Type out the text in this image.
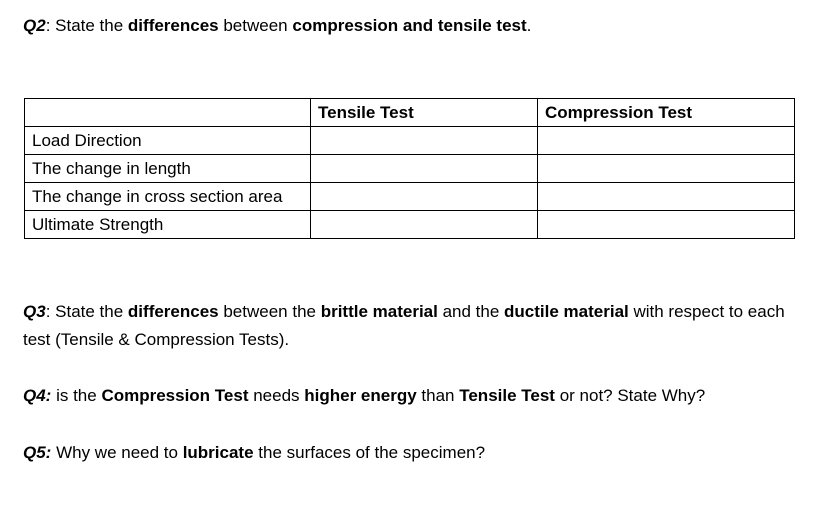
Q2: State the differences between compression and tensile test.

	Tensile Test	Compression Test
Load Direction		
The change in length		
The change in cross section area		
Ultimate Strength		

Q3: State the differences between the brittle material and the ductile material with respect to each test (Tensile & Compression Tests).

Q4: is the Compression Test needs higher energy than Tensile Test or not? State Why?

Q5: Why we need to lubricate the surfaces of the specimen?
